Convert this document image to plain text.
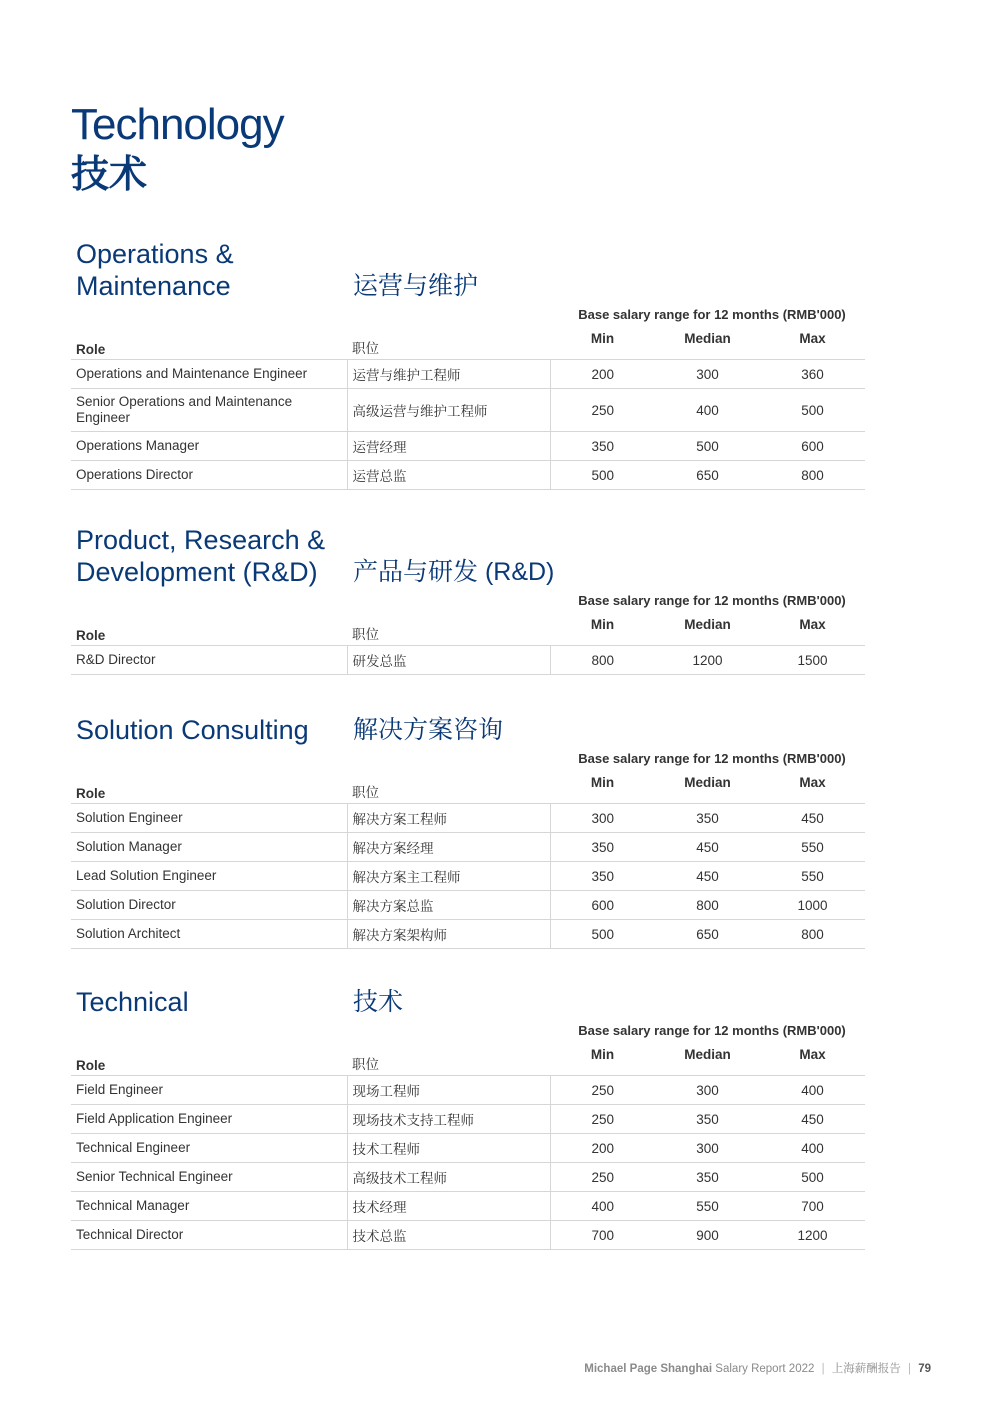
Technology
技术
Operations &
Maintenance	运营与维护
Base salary range for 12 months (RMB'000)
Role	职位	Min	Median	Max
Operations and Maintenance Engineer	运营与维护工程师	200	300	360
Senior Operations and Maintenance Engineer	高级运营与维护工程师	250	400	500
Operations Manager	运营经理	350	500	600
Operations Director	运营总监	500	650	800
Product, Research &
Development (R&D)	产品与研发 (R&D)
Base salary range for 12 months (RMB'000)
Role	职位	Min	Median	Max
R&D Director	研发总监	800	1200	1500
Solution Consulting 解决方案咨询
Base salary range for 12 months (RMB'000)
Role	职位	Min	Median	Max
Solution Engineer	解决方案工程师	300	350	450
Solution Manager	解决方案经理	350	450	550
Lead Solution Engineer	解决方案主工程师	350	450	550
Solution Director	解决方案总监	600	800	1000
Solution Architect	解决方案架构师	500	650	800
Technical	技术
Base salary range for 12 months (RMB'000)
Role	职位	Min	Median	Max
Field Engineer	现场工程师	250	300	400
Field Application Engineer	现场技术支持工程师	250	350	450
Technical Engineer	技术工程师	200	300	400
Senior Technical Engineer	高级技术工程师	250	350	500
Technical Manager	技术经理	400	550	700
Technical Director	技术总监	700	900	1200
Michael Page Shanghai Salary Report 2022 | 上海薪酬报告 | 79
